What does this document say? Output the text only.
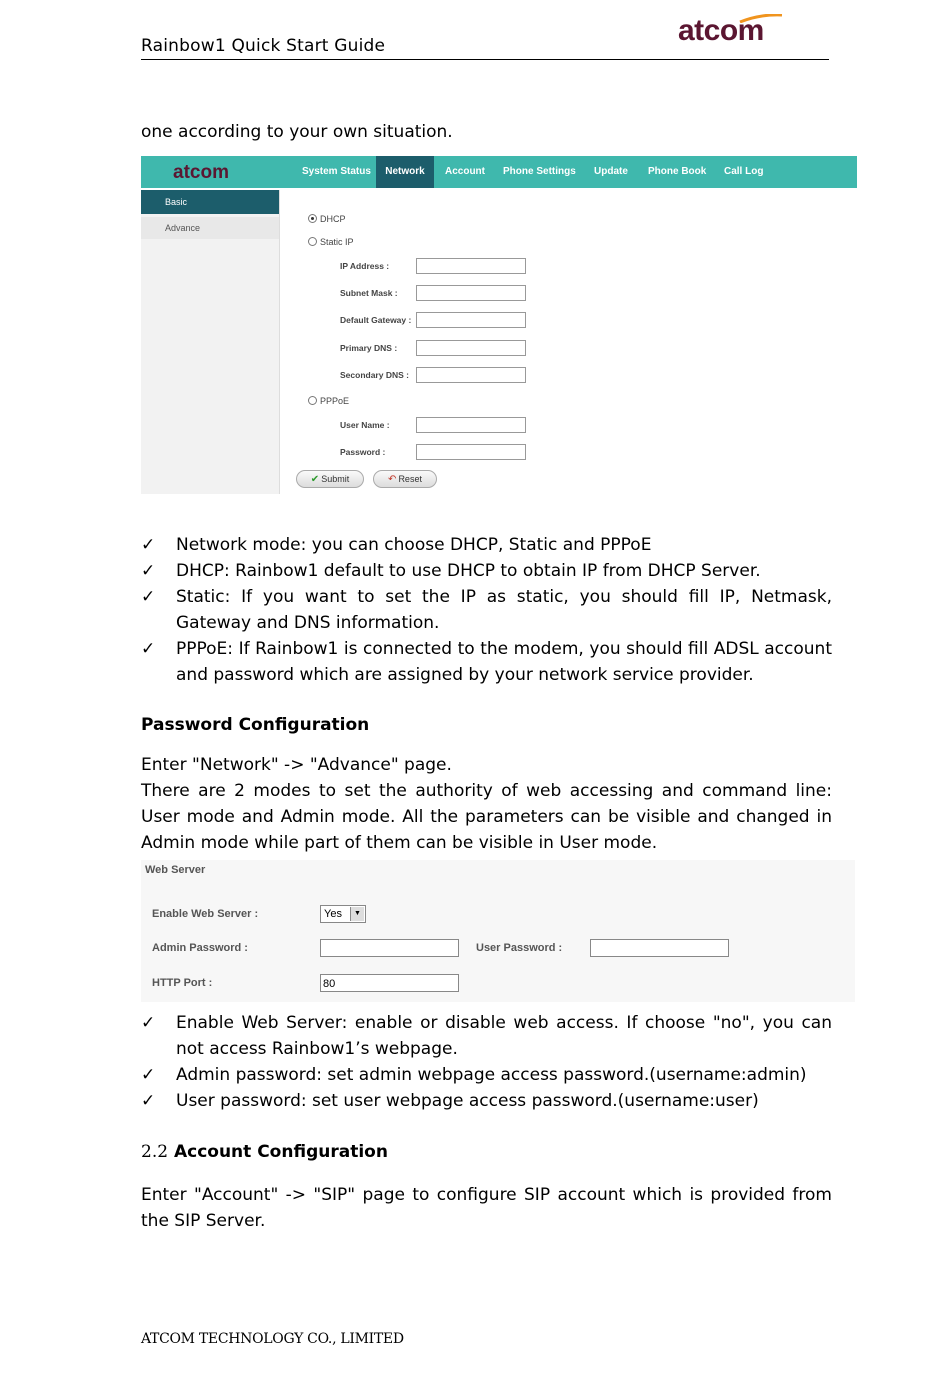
Rainbow1 Quick Start Guide	atcom
one according to your own situation.
atcom	System Status	Network	Account Phone Settings Update Phone Book Call Log
Basic
Advance
DHCP
Static IP
IP Address :
Subnet Mask :
Default Gateway :
Primary DNS :
Secondary DNS :
PPPoE
User Name :
Password :
✔ Submit	↶ Reset
✓ Network mode: you can choose DHCP, Static and PPPoE
✓ DHCP: Rainbow1 default to use DHCP to obtain IP from DHCP Server.
✓ Static: If you want to set the IP as static, you should fill IP, Netmask, Gateway and DNS information.
✓ PPPoE: If Rainbow1 is connected to the modem, you should fill ADSL account and password which are assigned by your network service provider.
Password Configuration
Enter "Network" -> "Advance" page.
There are 2 modes to set the authority of web accessing and command line: User mode and Admin mode. All the parameters can be visible and changed in Admin mode while part of them can be visible in User mode.
Web Server
Enable Web Server :	Yes	▼
Admin Password :	User Password :
HTTP Port :	80
✓ Enable Web Server: enable or disable web access. If choose "no", you can not access Rainbow1’s webpage.
✓ Admin password: set admin webpage access password.(username:admin)
✓ User password: set user webpage access password.(username:user)
2.2 Account Configuration
Enter "Account" -> "SIP" page to configure SIP account which is provided from the SIP Server.
ATCOM TECHNOLOGY CO., LIMITED
